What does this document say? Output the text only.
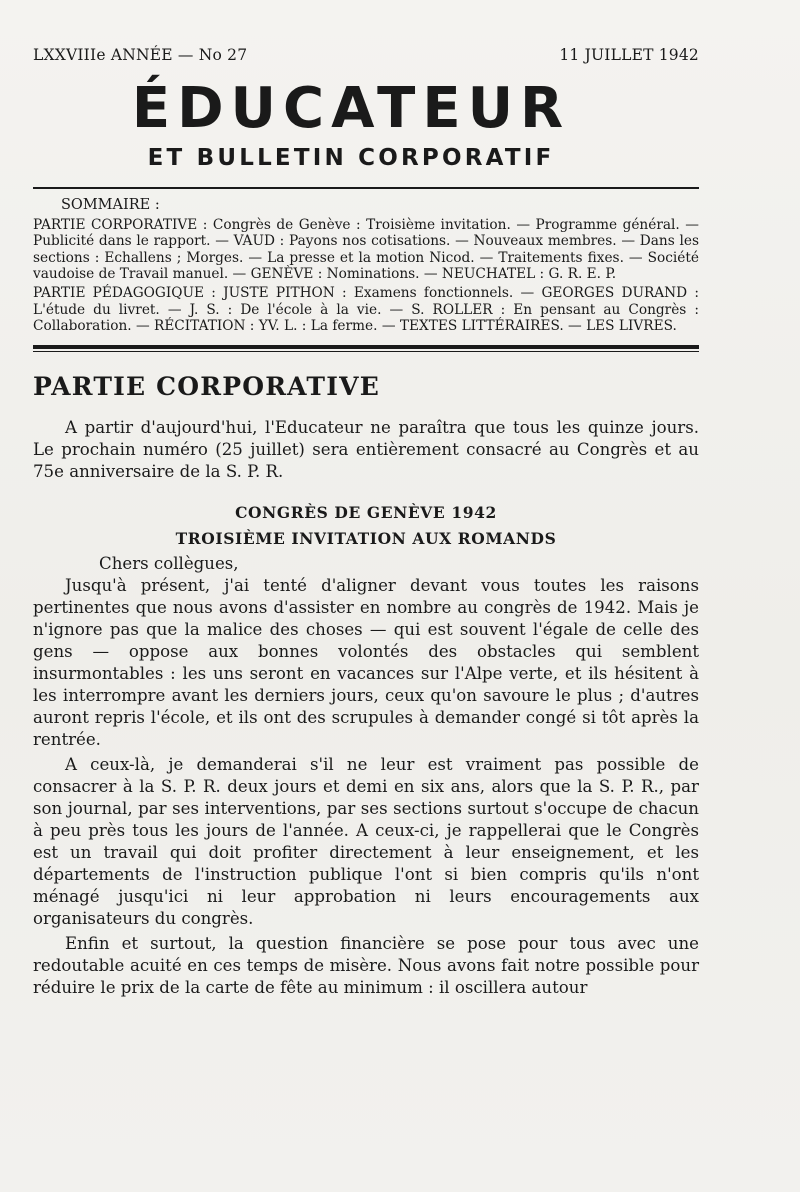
LXXVIIIe ANNÉE — No 27	11 JUILLET 1942
ÉDUCATEUR
ET BULLETIN CORPORATIF
SOMMAIRE :

PARTIE CORPORATIVE : Congrès de Genève : Troisième invitation. — Programme général. — Publicité dans le rapport. — VAUD : Payons nos cotisations. — Nouveaux membres. — Dans les sections : Echallens ; Morges. — La presse et la motion Nicod. — Traitements fixes. — Société vaudoise de Travail manuel. — GENÈVE : Nominations. — NEUCHATEL : G. R. E. P.

PARTIE PÉDAGOGIQUE : JUSTE PITHON : Examens fonctionnels. — GEORGES DURAND : L'étude du livret. — J. S. : De l'école à la vie. — S. ROLLER : En pensant au Congrès : Collaboration. — RÉCITATION : YV. L. : La ferme. — TEXTES LITTÉRAIRES. — LES LIVRES.

PARTIE CORPORATIVE

A partir d'aujourd'hui, l'Educateur ne paraîtra que tous les quinze jours. Le prochain numéro (25 juillet) sera entièrement consacré au Congrès et au 75e anniversaire de la S. P. R.

CONGRÈS DE GENÈVE 1942
TROISIÈME INVITATION AUX ROMANDS
Chers collègues,

Jusqu'à présent, j'ai tenté d'aligner devant vous toutes les raisons pertinentes que nous avons d'assister en nombre au congrès de 1942. Mais je n'ignore pas que la malice des choses — qui est souvent l'égale de celle des gens — oppose aux bonnes volontés des obstacles qui semblent insurmontables : les uns seront en vacances sur l'Alpe verte, et ils hésitent à les interrompre avant les derniers jours, ceux qu'on savoure le plus ; d'autres auront repris l'école, et ils ont des scrupules à demander congé si tôt après la rentrée.

A ceux-là, je demanderai s'il ne leur est vraiment pas possible de consacrer à la S. P. R. deux jours et demi en six ans, alors que la S. P. R., par son journal, par ses interventions, par ses sections surtout s'occupe de chacun à peu près tous les jours de l'année. A ceux-ci, je rappellerai que le Congrès est un travail qui doit profiter directement à leur enseignement, et les départements de l'instruction publique l'ont si bien compris qu'ils n'ont ménagé jusqu'ici ni leur approbation ni leurs encouragements aux organisateurs du congrès.

Enfin et surtout, la question financière se pose pour tous avec une redoutable acuité en ces temps de misère. Nous avons fait notre possible pour réduire le prix de la carte de fête au minimum : il oscillera autour
